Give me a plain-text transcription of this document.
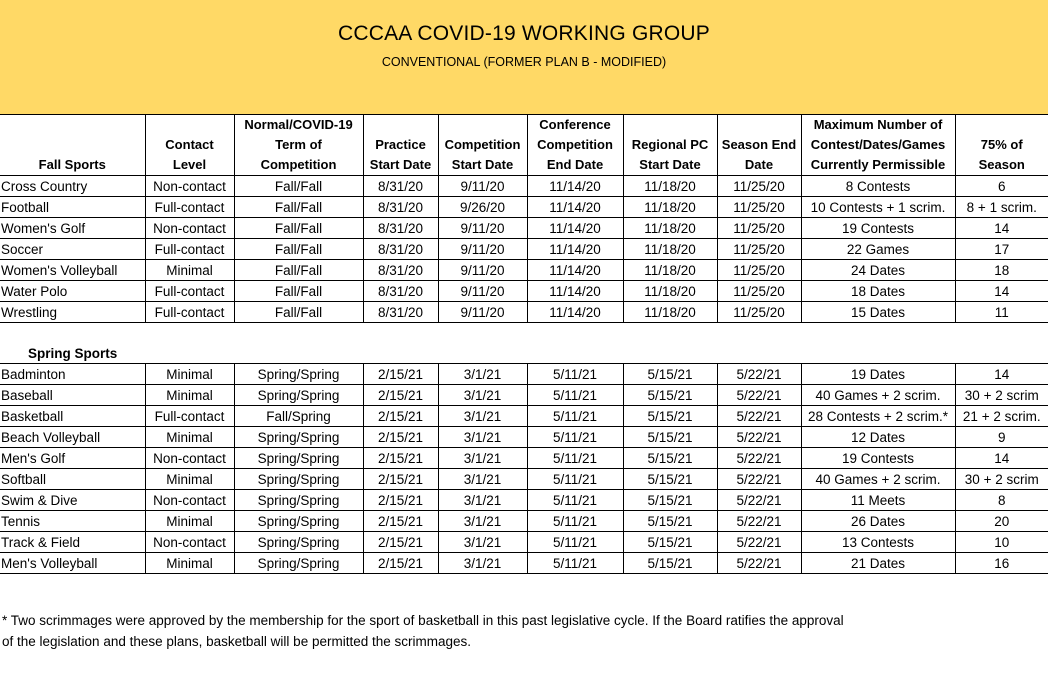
CCCAA COVID-19 WORKING GROUP
CONVENTIONAL (FORMER PLAN B - MODIFIED)
Fall Sports	Contact Level	Normal/COVID-19 Term of Competition	Practice Start Date	Competition Start Date	Conference Competition End Date	Regional PC Start Date	Season End Date	Maximum Number of Contest/Dates/Games Currently Permissible	75% of Season
Cross Country	Non-contact	Fall/Fall	8/31/20	9/11/20	11/14/20	11/18/20	11/25/20	8 Contests	6
Football	Full-contact	Fall/Fall	8/31/20	9/26/20	11/14/20	11/18/20	11/25/20	10 Contests + 1 scrim.	8 + 1 scrim.
Women's Golf	Non-contact	Fall/Fall	8/31/20	9/11/20	11/14/20	11/18/20	11/25/20	19 Contests	14
Soccer	Full-contact	Fall/Fall	8/31/20	9/11/20	11/14/20	11/18/20	11/25/20	22 Games	17
Women's Volleyball	Minimal	Fall/Fall	8/31/20	9/11/20	11/14/20	11/18/20	11/25/20	24 Dates	18
Water Polo	Full-contact	Fall/Fall	8/31/20	9/11/20	11/14/20	11/18/20	11/25/20	18 Dates	14
Wrestling	Full-contact	Fall/Fall	8/31/20	9/11/20	11/14/20	11/18/20	11/25/20	15 Dates	11

Spring Sports									
Badminton	Minimal	Spring/Spring	2/15/21	3/1/21	5/11/21	5/15/21	5/22/21	19 Dates	14
Baseball	Minimal	Spring/Spring	2/15/21	3/1/21	5/11/21	5/15/21	5/22/21	40 Games + 2 scrim.	30 + 2 scrim
Basketball	Full-contact	Fall/Spring	2/15/21	3/1/21	5/11/21	5/15/21	5/22/21	28 Contests + 2 scrim.*	21 + 2 scrim.
Beach Volleyball	Minimal	Spring/Spring	2/15/21	3/1/21	5/11/21	5/15/21	5/22/21	12 Dates	9
Men's Golf	Non-contact	Spring/Spring	2/15/21	3/1/21	5/11/21	5/15/21	5/22/21	19 Contests	14
Softball	Minimal	Spring/Spring	2/15/21	3/1/21	5/11/21	5/15/21	5/22/21	40 Games + 2 scrim.	30 + 2 scrim
Swim & Dive	Non-contact	Spring/Spring	2/15/21	3/1/21	5/11/21	5/15/21	5/22/21	11 Meets	8
Tennis	Minimal	Spring/Spring	2/15/21	3/1/21	5/11/21	5/15/21	5/22/21	26 Dates	20
Track & Field	Non-contact	Spring/Spring	2/15/21	3/1/21	5/11/21	5/15/21	5/22/21	13 Contests	10
Men's Volleyball	Minimal	Spring/Spring	2/15/21	3/1/21	5/11/21	5/15/21	5/22/21	21 Dates	16
* Two scrimmages were approved by the membership for the sport of basketball in this past legislative cycle. If the Board ratifies the approval
of the legislation and these plans, basketball will be permitted the scrimmages.
